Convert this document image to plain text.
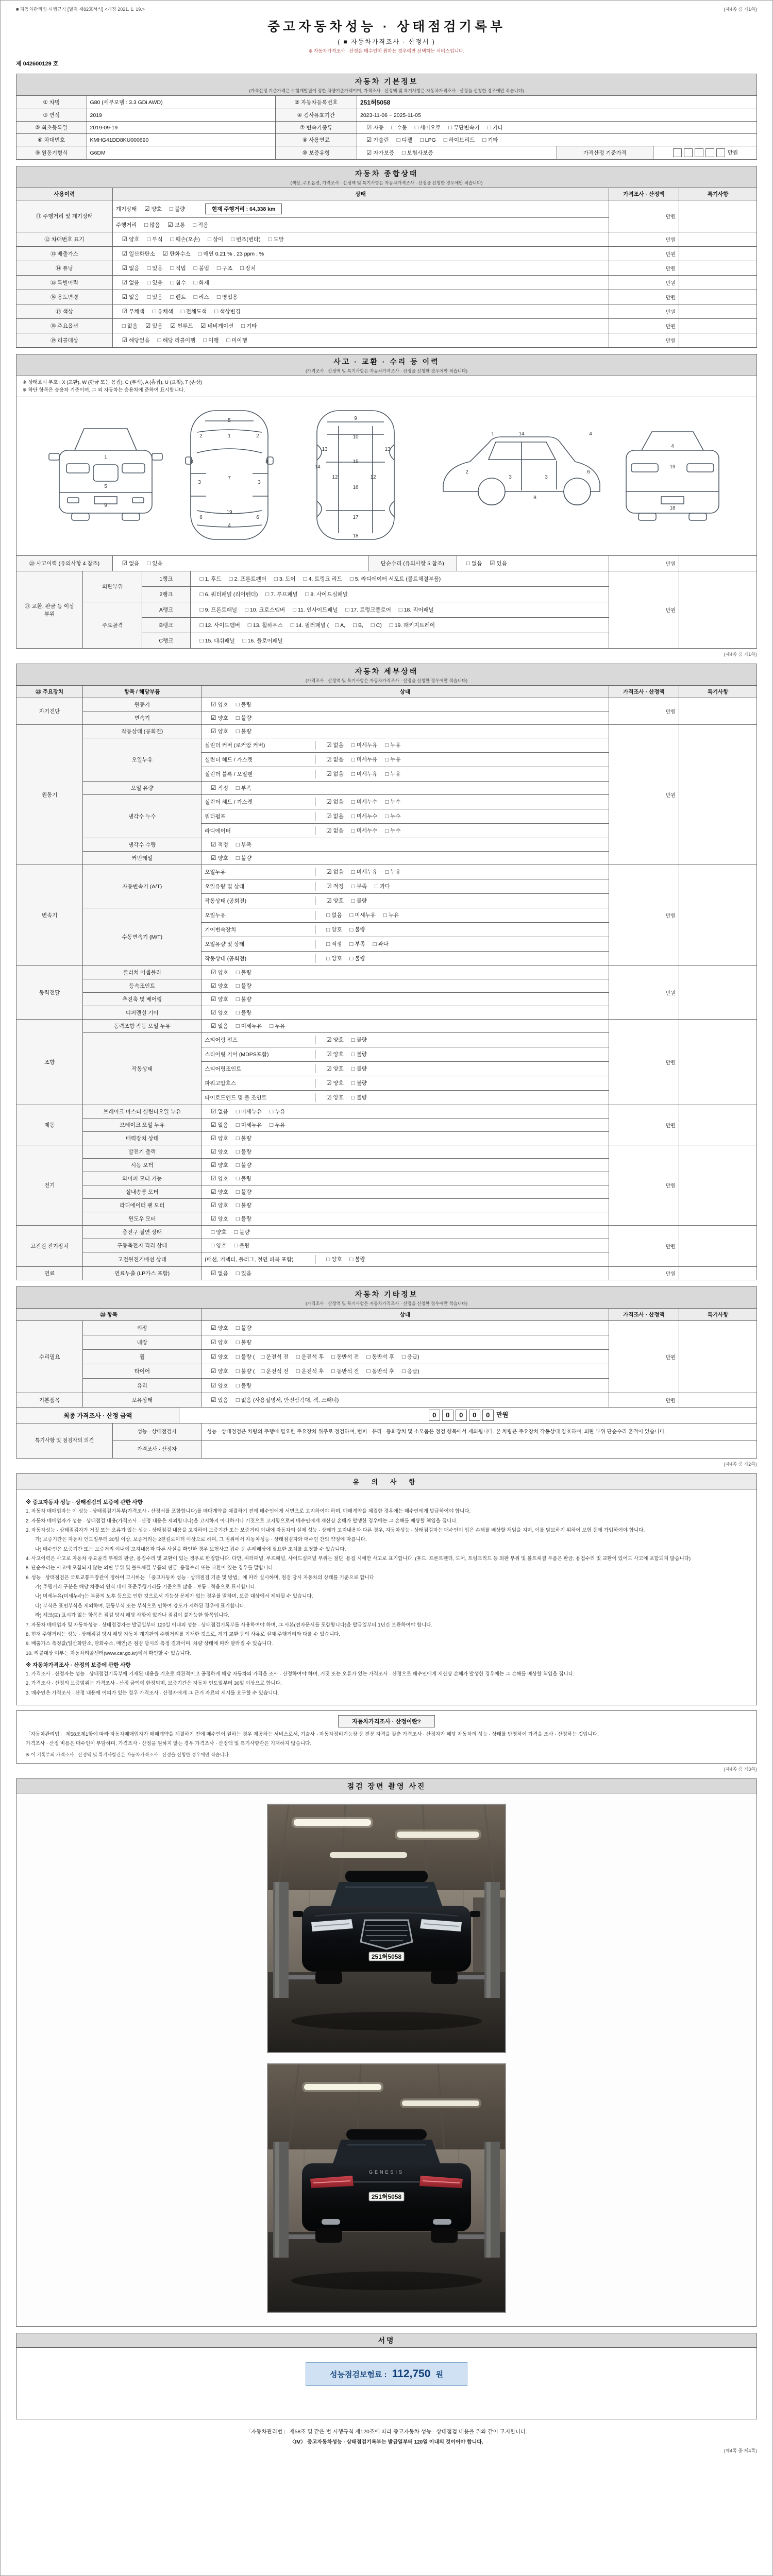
■ 자동차관리법 시행규칙 [별지 제82호서식] <개정 2021. 1. 19.>	(제4쪽 중 제1쪽)
중고자동차성능 · 상태점검기록부
( ■ 자동차가격조사 · 산정서 )
※ 자동차가격조사 · 산정은 매수인이 원하는 경우에만 선택하는 서비스입니다.
제 042600129 호
자동차 기본정보
(가격산정 기준가격은 보험개발원이 정한 차량기준가액이며, 가격조사 · 산정액 및 특기사항은 자동차가격조사 · 산정을 신청한 경우에만 적습니다)
① 차명	G80 (세부모델 : 3.3 GDi AWD)	② 자동차등록번호	251허5058		
③ 연식	2019	④ 검사유효기간	2023-11-06 ~ 2025-11-05		
⑤ 최초등록일	2019-09-19	⑦ 변속기종류	☑ 자동 □ 수동 □ 세미오토 □ 무단변속기 □ 기타		
⑥ 차대번호	KMHG41DD8KU000690	⑧ 사용연료	☑ 가솔린 □ 디젤 □ LPG □ 하이브리드 □ 기타		
⑨ 원동기형식	G6DM	⑩ 보증유형	☑ 자가보증 □ 보험사보증	가격산정 기준가격	만원
자동차 종합상태
(색상, 주요옵션, 가격조사 · 산정액 및 특기사항은 자동차가격조사 · 산정을 신청한 경우에만 적습니다)
사용이력	상태	가격조사 · 산정액	특기사항
⑪ 주행거리 및 계기상태	계기상태 ☑ 양호 □ 불량 현재 주행거리 : 64,338 km	만원	
	주행거리 □ 많음 ☑ 보통 □ 적음		
⑫ 차대번호 표기	☑ 양호 □ 부식 □ 훼손(오손) □ 상이 □ 변조(변타) □ 도말	만원	
⑬ 배출가스	☑ 일산화탄소 ☑ 탄화수소 □ 매연 0.21 % , 23 ppm , %	만원	
⑭ 튜닝	☑ 없음 □ 있음 □ 적법 □ 불법 □ 구조 □ 장치	만원	
⑮ 특별이력	☑ 없음 □ 있음 □ 침수 □ 화재	만원	
⑯ 용도변경	☑ 없음 □ 있음 □ 렌트 □ 리스 □ 영업용	만원	
⑰ 색상	☑ 무채색 □ 유채색 □ 전체도색 □ 색상변경	만원	
⑱ 주요옵션	□ 없음 ☑ 있음 ☑ 썬루프 ☑ 네비게이션 □ 기타	만원	
⑲ 리콜대상	☑ 해당없음 □ 해당 리콜이행 □ 이행 □ 미이행	만원	
사고 · 교환 · 수리 등 이력
(가격조사 · 산정액 및 특기사항은 자동차가격조사 · 산정을 신청한 경우에만 적습니다)
※ 상태표시 부호 : X (교환), W (판금 또는 용접), C (부식), A (흠집), U (요철), T (손상)
※ 하단 항목은 승용차 기준이며, 그 외 자동차는 승용차에 준하여 표시합니다.
1
5
9
1
2	2
3	3
7
6	6
8	8
5
4
19
9
10
12	12
13	13
15
16
17
18
14
1
2
3	3
6
8
4
14
4
19
18
⑳ 사고이력 (유의사항 4 참조)	☑ 없음 □ 있음	단순수리 (유의사항 5 참조)	□ 없음 ☑ 있음	만원	
㉑ 교환, 판금 등 이상 부위	외판부위	1랭크	□ 1. 후드 □ 2. 프론트펜더 □ 3. 도어 □ 4. 트렁크 리드 □ 5. 라디에이터 서포트 (볼트체결부품)	만원	
		2랭크	□ 6. 쿼터패널 (리어펜더) □ 7. 루프패널 □ 8. 사이드실패널		
	주요골격	A랭크	□ 9. 프론트패널 □ 10. 크로스멤버 □ 11. 인사이드패널 □ 17. 트렁크플로어 □ 18. 리어패널		
		B랭크	□ 12. 사이드멤버 □ 13. 휠하우스 □ 14. 필러패널 ( □ A, □ B, □ C) □ 19. 패키지트레이		
		C랭크	□ 15. 대쉬패널 □ 16. 플로어패널		
(제4쪽 중 제1쪽)
자동차 세부상태
(가격조사 · 산정액 및 특기사항은 자동차가격조사 · 산정을 신청한 경우에만 적습니다)
㉒ 주요장치	항목 / 해당부품	상태	가격조사 · 산정액	특기사항
자기진단	원동기	☑ 양호 □ 불량	만원	
	변속기	☑ 양호 □ 불량		
원동기	작동상태 (공회전)	☑ 양호 □ 불량	만원	
	오일누유	실린더 커버 (로커암 커버) ☑ 없음 □ 미세누유 □ 누유		
		실린더 헤드 / 가스켓 ☑ 없음 □ 미세누유 □ 누유		
		실린더 블록 / 오일팬 ☑ 없음 □ 미세누유 □ 누유		
	오일 유량	☑ 적정 □ 부족		
	냉각수 누수	실린더 헤드 / 가스켓 ☑ 없음 □ 미세누수 □ 누수		
		워터펌프 ☑ 없음 □ 미세누수 □ 누수		
		라디에이터 ☑ 없음 □ 미세누수 □ 누수		
	냉각수 수량	☑ 적정 □ 부족		
	커먼레일	☑ 양호 □ 불량		
변속기	자동변속기 (A/T)	오일누유 ☑ 없음 □ 미세누유 □ 누유	만원	
		오일유량 및 상태 ☑ 적정 □ 부족 □ 과다		
		작동상태 (공회전) ☑ 양호 □ 불량		
	수동변속기 (M/T)	오일누유 □ 없음 □ 미세누유 □ 누유		
		기어변속장치 □ 양호 □ 불량		
		오일유량 및 상태 □ 적정 □ 부족 □ 과다		
		작동상태 (공회전) □ 양호 □ 불량		
동력전달	클러치 어셈블리	☑ 양호 □ 불량	만원	
	등속조인트	☑ 양호 □ 불량		
	추진축 및 베어링	☑ 양호 □ 불량		
	디퍼렌셜 기어	☑ 양호 □ 불량		
조향	동력조향 작동 오일 누유	☑ 없음 □ 미세누유 □ 누유	만원	
	작동상태	스티어링 펌프 ☑ 양호 □ 불량		
		스티어링 기어 (MDPS포함) ☑ 양호 □ 불량		
		스티어링조인트 ☑ 양호 □ 불량		
		파워고압호스 ☑ 양호 □ 불량		
		타이로드엔드 및 볼 조인트 ☑ 양호 □ 불량		
제동	브레이크 마스터 실린더오일 누유	☑ 없음 □ 미세누유 □ 누유	만원	
	브레이크 오일 누유	☑ 없음 □ 미세누유 □ 누유		
	배력장치 상태	☑ 양호 □ 불량		
전기	발전기 출력	☑ 양호 □ 불량	만원	
	시동 모터	☑ 양호 □ 불량		
	와이퍼 모터 기능	☑ 양호 □ 불량		
	실내송풍 모터	☑ 양호 □ 불량		
	라디에이터 팬 모터	☑ 양호 □ 불량		
	윈도우 모터	☑ 양호 □ 불량		
고전원 전기장치	충전구 절연 상태	□ 양호 □ 불량	만원	
	구동축전지 격리 상태	□ 양호 □ 불량		
	고전원전기배선 상태	(배선, 커넥터, 플러그, 절연 피복 포함) □ 양호 □ 불량		
연료	연료누출 (LP가스 포함)	☑ 없음 □ 있음	만원	
자동차 기타정보
(가격조사 · 산정액 및 특기사항은 자동차가격조사 · 산정을 신청한 경우에만 적습니다)
㉓ 항목		상태	가격조사 · 산정액	특기사항
수리필요	외장	☑ 양호 □ 불량	만원	
	내장	☑ 양호 □ 불량		
	휠	☑ 양호 □ 불량 ( □ 운전석 전 □ 운전석 후 □ 동반석 전 □ 동반석 후 □ 응급)		
	타이어	☑ 양호 □ 불량 ( □ 운전석 전 □ 운전석 후 □ 동반석 전 □ 동반석 후 □ 응급)		
	유리	☑ 양호 □ 불량		
기본품목	보유상태	☑ 있음 □ 없음 (사용설명서, 안전삼각대, 잭, 스패너)	만원	
최종 가격조사 · 산정 금액	0 0 0 0 0 만원
특기사항 및 점검자의 의견	성능 · 상태점검자	성능 · 상태점검은 차량의 주행에 필요한 주요장치 위주로 점검하며, 범퍼 · 유리 · 등화장치 및 소모품은 점검 항목에서 제외됩니다. 본 차량은 주요장치 작동상태 양호하며, 외판 부위 단순수리 흔적이 있습니다.
	가격조사 · 산정자	
(제4쪽 중 제2쪽)
유 의 사 항
※ 중고자동차 성능 · 상태점검의 보증에 관한 사항
1. 자동차 매매업자는 이 성능 · 상태점검기록부(가격조사 · 산정서를 포함합니다)를 매매계약을 체결하기 전에 매수인에게 서면으로 고지하여야 하며, 매매계약을 체결한 경우에는 매수인에게 발급하여야 합니다.
2. 자동차 매매업자가 성능 · 상태점검 내용(가격조사 · 산정 내용은 제외합니다)을 고지하지 아니하거나 거짓으로 고지함으로써 매수인에게 재산상 손해가 발생한 경우에는 그 손해를 배상할 책임을 집니다.
3. 자동차성능 · 상태점검자가 거짓 또는 오류가 있는 성능 · 상태점검 내용을 고지하여 보증기간 또는 보증거리 이내에 자동차의 실제 성능 · 상태가 고지내용과 다른 경우, 자동차성능 · 상태점검자는 매수인이 입은 손해를 배상할 책임을 지며, 이를 담보하기 위하여 보험 등에 가입하여야 합니다.
가) 보증기간은 자동차 인도일부터 30일 이상, 보증거리는 2천킬로미터 이상으로 하며, 그 범위에서 자동차성능 · 상태점검자와 매수인 간의 약정에 따릅니다.
나) 매수인은 보증기간 또는 보증거리 이내에 고지내용과 다른 사실을 확인한 경우 보험사고 접수 등 손해배상에 필요한 조치를 요청할 수 있습니다.
4. 사고이력은 사고로 자동차 주요골격 부위의 판금, 용접수리 및 교환이 있는 경우로 한정합니다. 다만, 쿼터패널, 루프패널, 사이드실패널 부위는 절단, 용접 시에만 사고로 표기합니다. (후드, 프론트펜더, 도어, 트렁크리드 등 외판 부위 및 볼트체결 부품은 판금, 용접수리 및 교환이 있어도 사고에 포함되지 않습니다)
5. 단순수리는 사고에 포함되지 않는 외판 부위 및 볼트체결 부품의 판금, 용접수리 또는 교환이 있는 경우를 말합니다.
6. 성능 · 상태점검은 국토교통부장관이 정하여 고시하는 「중고자동차 성능 · 상태점검 기준 및 방법」에 따라 실시하며, 점검 당시 자동차의 상태를 기준으로 합니다.
가) 주행거리 구분은 해당 차종의 연식 대비 표준주행거리를 기준으로 많음 · 보통 · 적음으로 표시합니다.
나) 미세누유(미세누수)는 부품의 노후 등으로 인한 것으로서 기능상 문제가 없는 경우를 말하며, 보증 대상에서 제외될 수 있습니다.
다) 부식은 표면부식을 제외하며, 관통부식 또는 부식으로 인하여 강도가 저하된 경우에 표기합니다.
라) 체크(☑) 표시가 없는 항목은 점검 당시 해당 사항이 없거나 점검이 불가능한 항목입니다.
7. 자동차 매매업자 및 자동차성능 · 상태점검자는 발급일부터 120일 이내의 성능 · 상태점검기록부를 사용하여야 하며, 그 사본(전자문서를 포함합니다)을 발급일부터 1년간 보관하여야 합니다.
8. 현재 주행거리는 성능 · 상태점검 당시 해당 자동차 계기판의 주행거리를 기재한 것으로, 계기 교환 등의 사유로 실제 주행거리와 다를 수 있습니다.
9. 배출가스 측정값(일산화탄소, 탄화수소, 매연)은 점검 당시의 측정 결과이며, 차량 상태에 따라 달라질 수 있습니다.
10. 리콜대상 여부는 자동차리콜센터(www.car.go.kr)에서 확인할 수 있습니다.
※ 자동차가격조사 · 산정의 보증에 관한 사항
1. 가격조사 · 산정자는 성능 · 상태점검기록부에 기재된 내용을 기초로 객관적이고 공정하게 해당 자동차의 가격을 조사 · 산정하여야 하며, 거짓 또는 오류가 있는 가격조사 · 산정으로 매수인에게 재산상 손해가 발생한 경우에는 그 손해를 배상할 책임을 집니다.
2. 가격조사 · 산정의 보증범위는 가격조사 · 산정 금액에 한정되며, 보증기간은 자동차 인도일부터 30일 이상으로 합니다.
3. 매수인은 가격조사 · 산정 내용에 이의가 있는 경우 가격조사 · 산정자에게 그 근거 자료의 제시를 요구할 수 있습니다.
자동차가격조사 · 산정이란?
「자동차관리법」 제58조제1항에 따라 자동차매매업자가 매매계약을 체결하기 전에 매수인이 원하는 경우 제공하는 서비스로서, 기술사 · 자동차정비기능장 등 전문 자격을 갖춘 가격조사 · 산정자가 해당 자동차의 성능 · 상태를 반영하여 가격을 조사 · 산정하는 것입니다.
가격조사 · 산정 비용은 매수인이 부담하며, 가격조사 · 산정을 원하지 않는 경우 가격조사 · 산정액 및 특기사항란은 기재하지 않습니다.
※ 이 기록부의 가격조사 · 산정액 및 특기사항란은 자동차가격조사 · 산정을 신청한 경우에만 적습니다.
(제4쪽 중 제3쪽)
점검 장면 촬영 사진
251허5058
GENESIS
251허5058
서명
성능점검보험료 : 112,750 원
「자동차관리법」 제58조 및 같은 법 시행규칙 제120조에 따라 중고자동차 성능 · 상태점검 내용을 위와 같이 고지합니다.
〈Ⅳ〉 중고자동차성능 · 상태점검기록부는 발급일부터 120일 이내의 것이어야 합니다.
(제4쪽 중 제4쪽)
